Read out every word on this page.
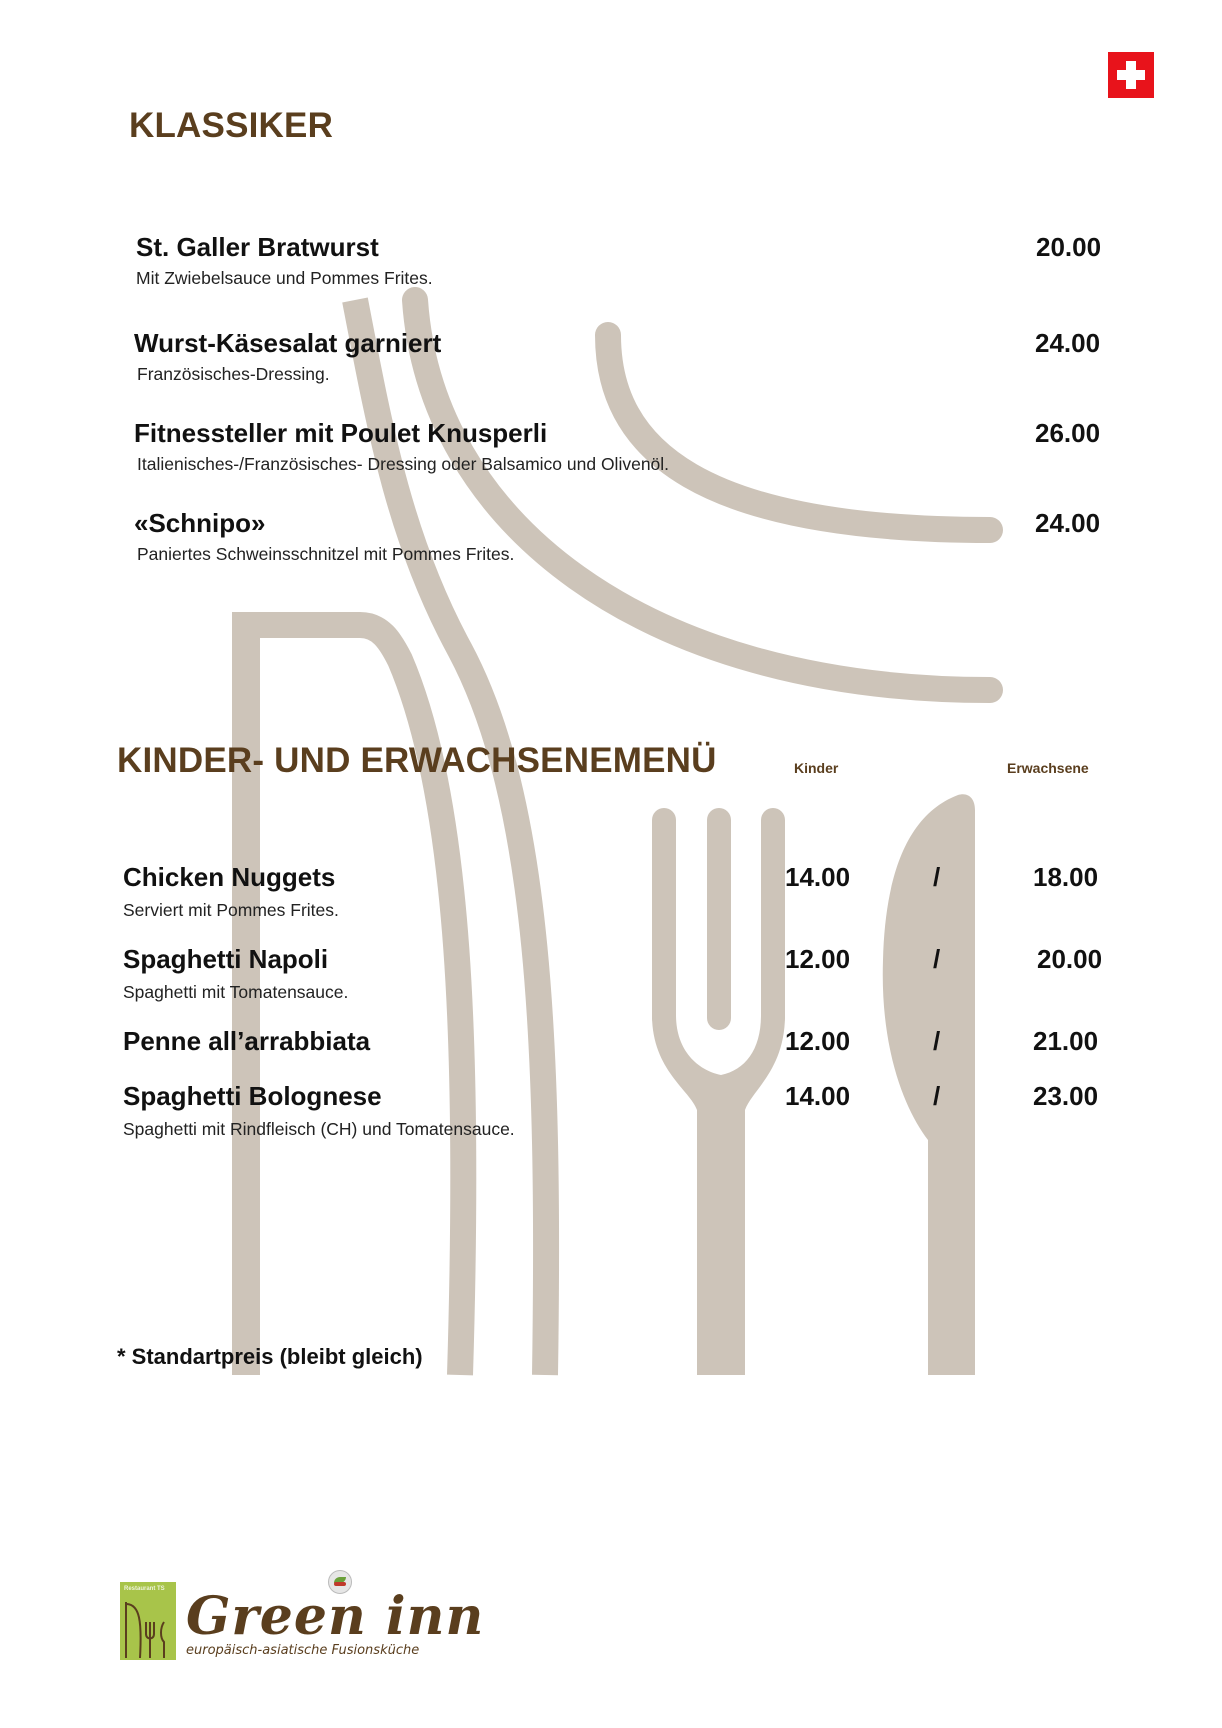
KLASSIKER
St. Galler Bratwurst
Mit Zwiebelsauce und Pommes Frites.
20.00
Wurst-Käsesalat garniert
Französisches-Dressing.
24.00
Fitnessteller mit Poulet Knusperli
Italienisches-/Französisches- Dressing oder Balsamico und Olivenöl.
26.00
«Schnipo»
Paniertes Schweinsschnitzel mit Pommes Frites.
24.00
KINDER- UND ERWACHSENEMENÜ	Kinder	Erwachsene
Chicken Nuggets
Serviert mit Pommes Frites.
14.00	/	18.00
Spaghetti Napoli
Spaghetti mit Tomatensauce.
12.00	/	20.00
Penne all’arrabbiata	12.00	/	21.00
Spaghetti Bolognese
Spaghetti mit Rindfleisch (CH) und Tomatensauce.
14.00	/	23.00
* Standartpreis (bleibt gleich)
Restaurant TS Green inn
europäisch-asiatische Fusionsküche
